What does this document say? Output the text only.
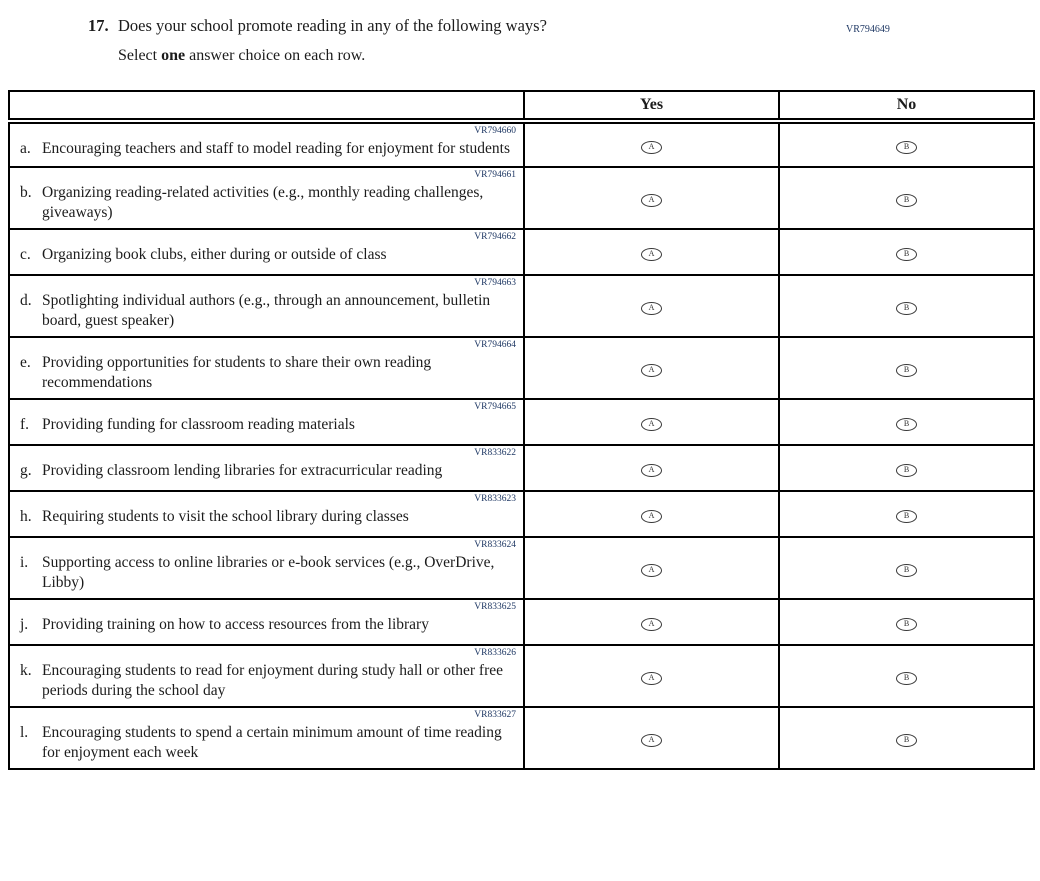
VR794649
17. Does your school promote reading in any of the following ways?
Select one answer choice on each row.
	Yes	No

VR794660
a. Encouraging teachers and staff to model reading for enjoyment for students	A	B

VR794661
b. Organizing reading-related activities (e.g., monthly reading challenges, giveaways)	A	B

VR794662
c. Organizing book clubs, either during or outside of class	A	B

VR794663
d. Spotlighting individual authors (e.g., through an announcement, bulletin board, guest speaker)	A	B

VR794664
e. Providing opportunities for students to share their own reading recommendations	A	B

VR794665
f. Providing funding for classroom reading materials	A	B

VR833622
g. Providing classroom lending libraries for extracurricular reading	A	B

VR833623
h. Requiring students to visit the school library during classes	A	B

VR833624
i. Supporting access to online libraries or e-book services (e.g., OverDrive, Libby)	A	B

VR833625
j. Providing training on how to access resources from the library	A	B

VR833626
k. Encouraging students to read for enjoyment during study hall or other free periods during the school day	A	B

VR833627
l. Encouraging students to spend a certain minimum amount of time reading for enjoyment each week	A	B
